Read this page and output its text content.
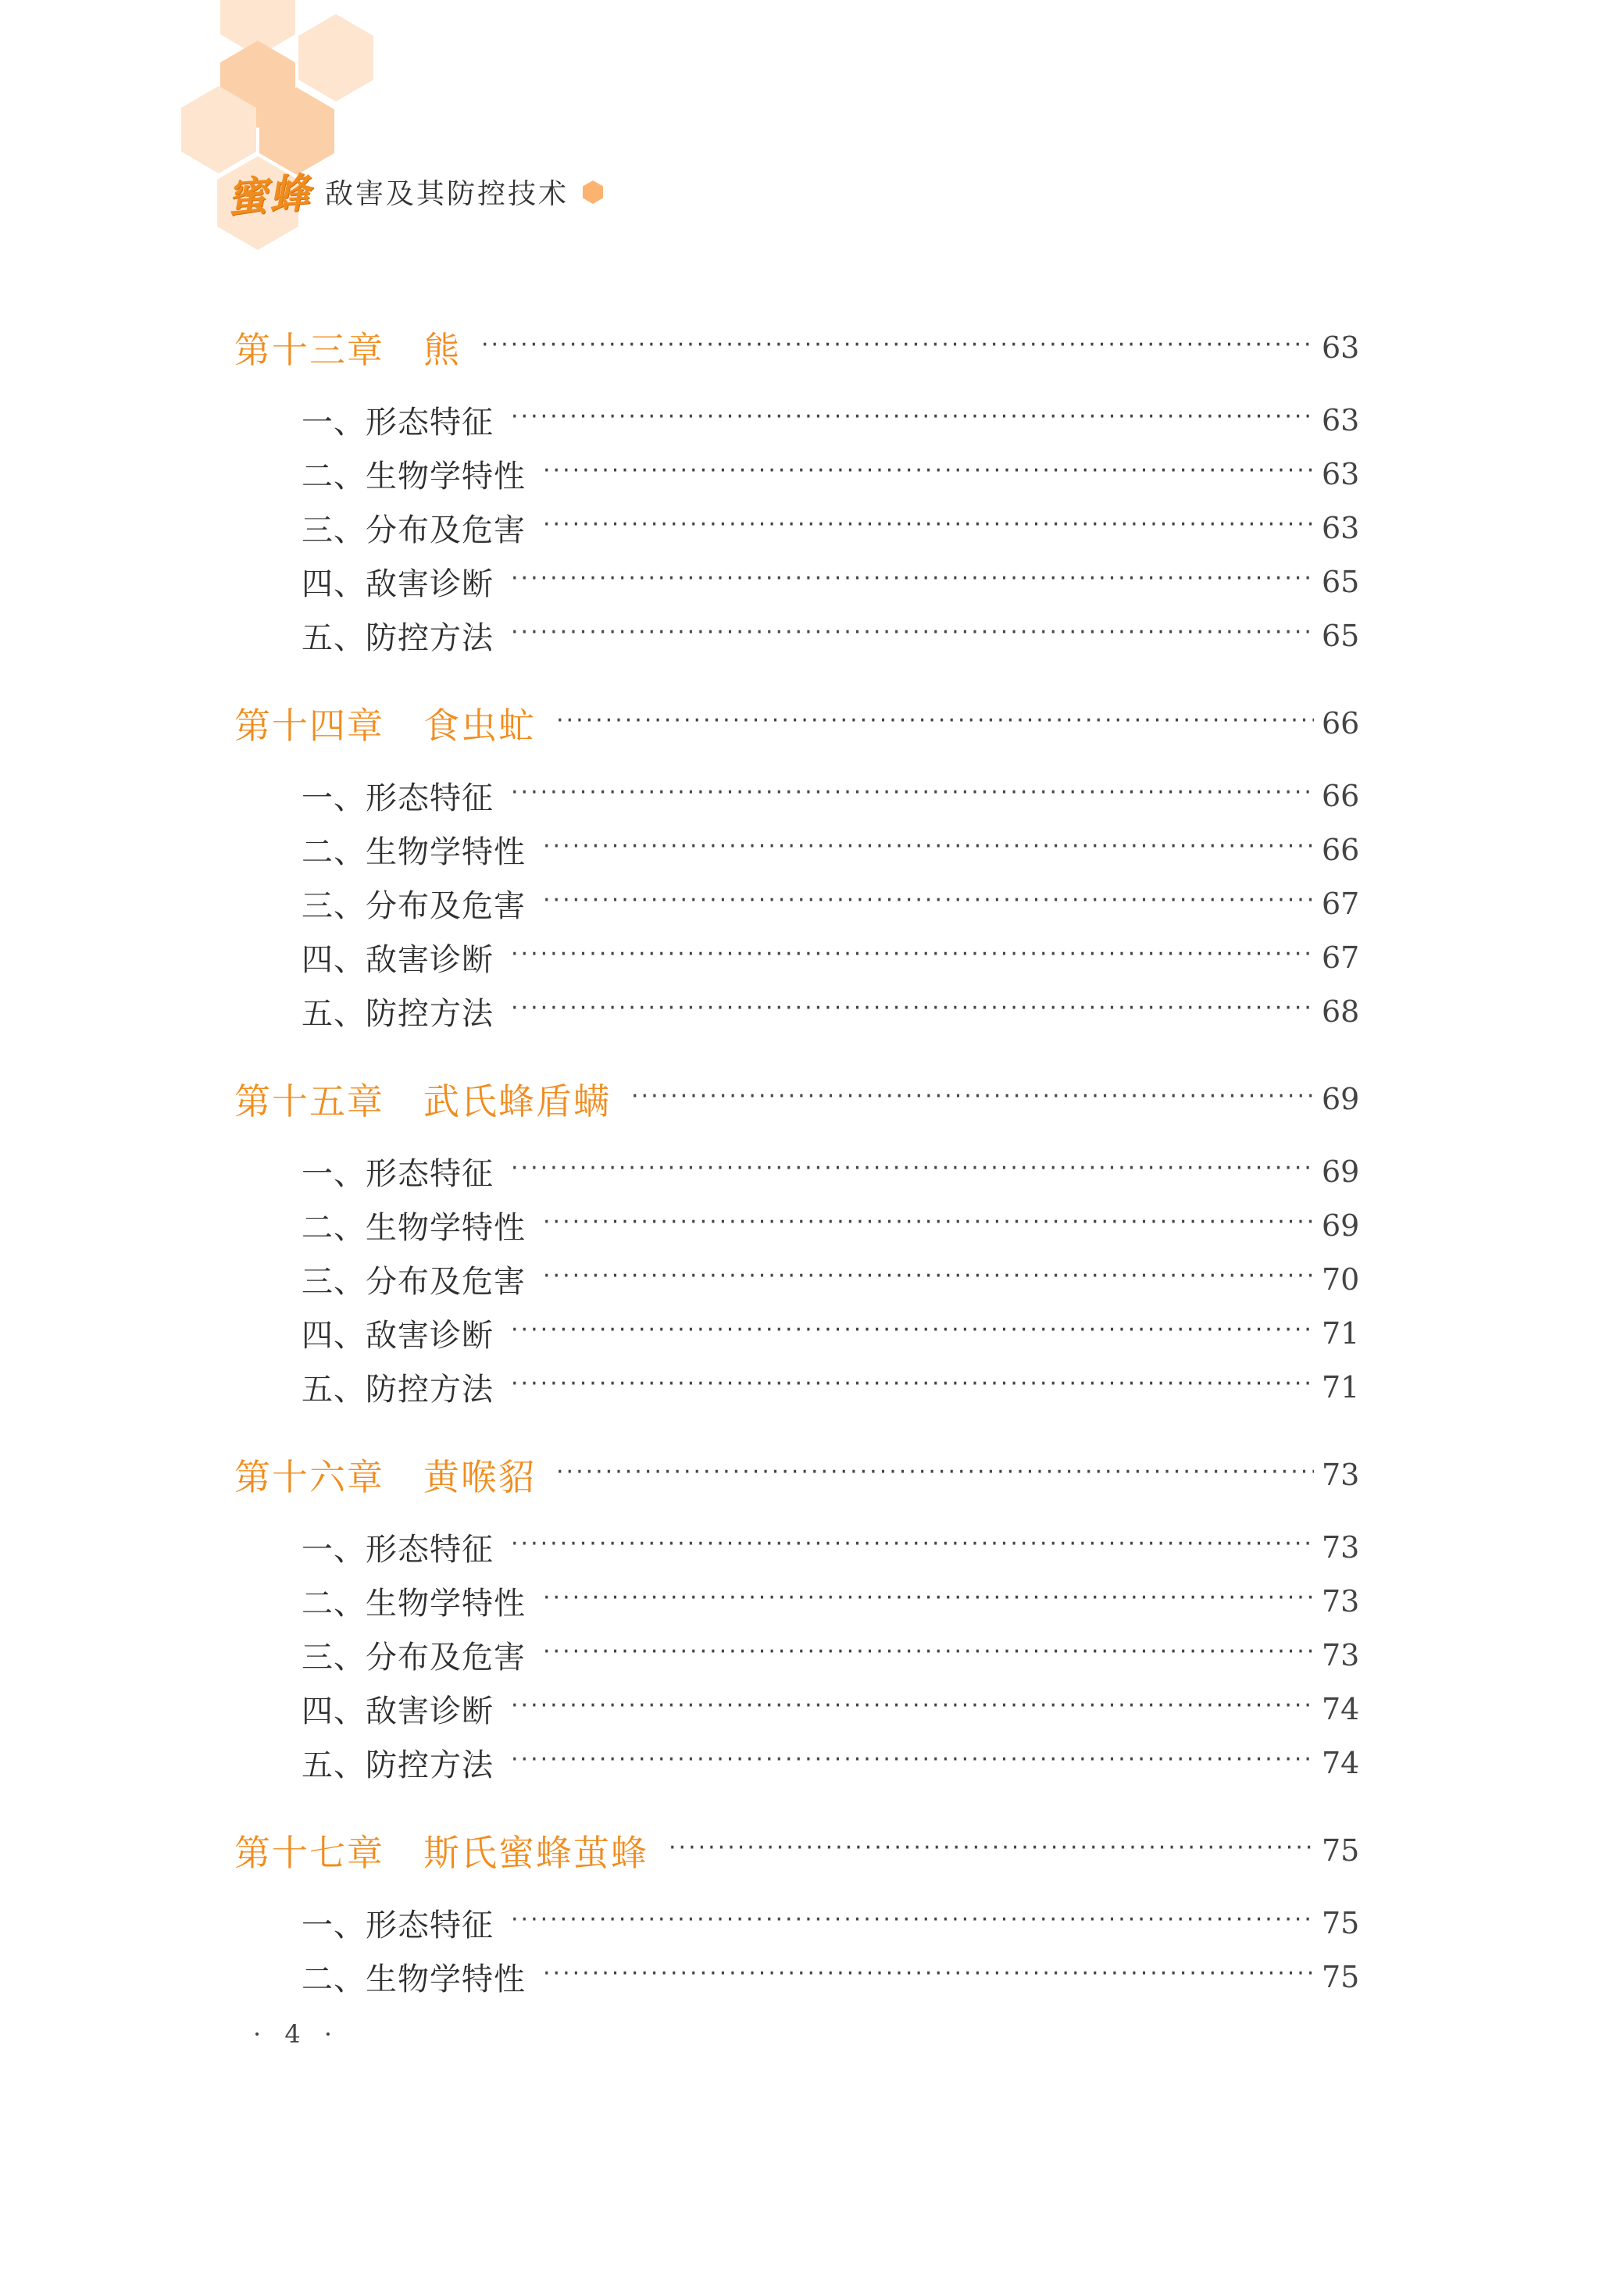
蜜蜂 敌害及其防控技术
第十三章 熊 ·····	63
一、形态特征 ·····	63
二、生物学特性 ·····	63
三、分布及危害 ·····	63
四、敌害诊断 ·····	65
五、防控方法 ·····	65
第十四章 食虫虻 ·····	66
一、形态特征 ·····	66
二、生物学特性 ·····	66
三、分布及危害 ·····	67
四、敌害诊断 ·····	67
五、防控方法 ·····	68
第十五章 武氏蜂盾螨 ·····	69
一、形态特征 ·····	69
二、生物学特性 ·····	69
三、分布及危害 ·····	70
四、敌害诊断 ·····	71
五、防控方法 ·····	71
第十六章 黄喉貂 ·····	73
一、形态特征 ·····	73
二、生物学特性 ·····	73
三、分布及危害 ·····	73
四、敌害诊断 ·····	74
五、防控方法 ·····	74
第十七章 斯氏蜜蜂茧蜂 ·····	75
一、形态特征 ·····	75
二、生物学特性 ·····	75
· 4 ·
